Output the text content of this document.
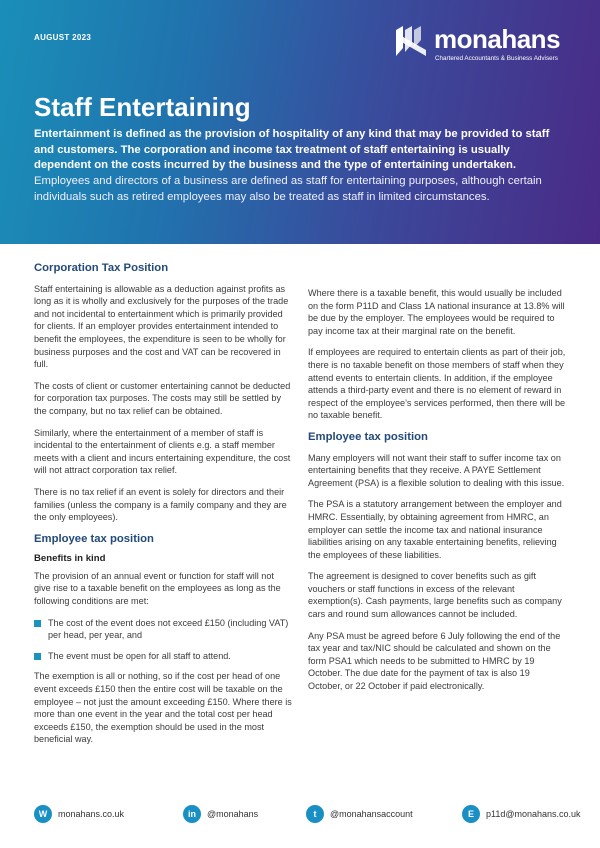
AUGUST 2023	monahans
Chartered Accountants & Business Advisers
Staff Entertaining
Entertainment is defined as the provision of hospitality of any kind that may be provided to staff and customers. The corporation and income tax treatment of staff entertaining is usually dependent on the costs incurred by the business and the type of entertaining undertaken.
Employees and directors of a business are defined as staff for entertaining purposes, although certain individuals such as retired employees may also be treated as staff in limited circumstances.
Corporation Tax Position

Staff entertaining is allowable as a deduction against profits as long as it is wholly and exclusively for the purposes of the trade and not incidental to entertainment which is primarily provided for clients. If an employer provides entertainment intended to benefit the employees, the expenditure is seen to be wholly for business purposes and the cost and VAT can be recovered in full.

The costs of client or customer entertaining cannot be deducted for corporation tax purposes. The costs may still be settled by the company, but no tax relief can be obtained.

Similarly, where the entertainment of a member of staff is incidental to the entertainment of clients e.g. a staff member meets with a client and incurs entertaining expenditure, the cost will not attract corporation tax relief.

There is no tax relief if an event is solely for directors and their families (unless the company is a family company and they are the only employees).

Employee tax position
Benefits in kind

The provision of an annual event or function for staff will not give rise to a taxable benefit on the employees as long as the following conditions are met:

The cost of the event does not exceed £150 (including VAT) per head, per year, and
The event must be open for all staff to attend.

The exemption is all or nothing, so if the cost per head of one event exceeds £150 then the entire cost will be taxable on the employee – not just the amount exceeding £150. Where there is more than one event in the year and the total cost per head exceeds £150, the exemption should be used in the most beneficial way.

Where there is a taxable benefit, this would usually be included on the form P11D and Class 1A national insurance at 13.8% will be due by the employer. The employees would be required to pay income tax at their marginal rate on the benefit.

If employees are required to entertain clients as part of their job, there is no taxable benefit on those members of staff when they attend events to entertain clients. In addition, if the employee attends a third-party event and there is no element of reward in respect of the employee’s services performed, then there will be no taxable benefit.

Employee tax position

Many employers will not want their staff to suffer income tax on entertaining benefits that they receive. A PAYE Settlement Agreement (PSA) is a flexible solution to dealing with this issue.

The PSA is a statutory arrangement between the employer and HMRC. Essentially, by obtaining agreement from HMRC, an employer can settle the income tax and national insurance liabilities arising on any taxable entertaining benefits, relieving the employees of these liabilities.

The agreement is designed to cover benefits such as gift vouchers or staff functions in excess of the relevant exemption(s). Cash payments, large benefits such as company cars and round sum allowances cannot be included.

Any PSA must be agreed before 6 July following the end of the tax year and tax/NIC should be calculated and shown on the form PSA1 which needs to be submitted to HMRC by 19 October. The due date for the payment of tax is also 19 October, or 22 October if paid electronically.

W	monahans.co.uk	in	@monahans	t	@monahansaccount	E	p11d@monahans.co.uk
